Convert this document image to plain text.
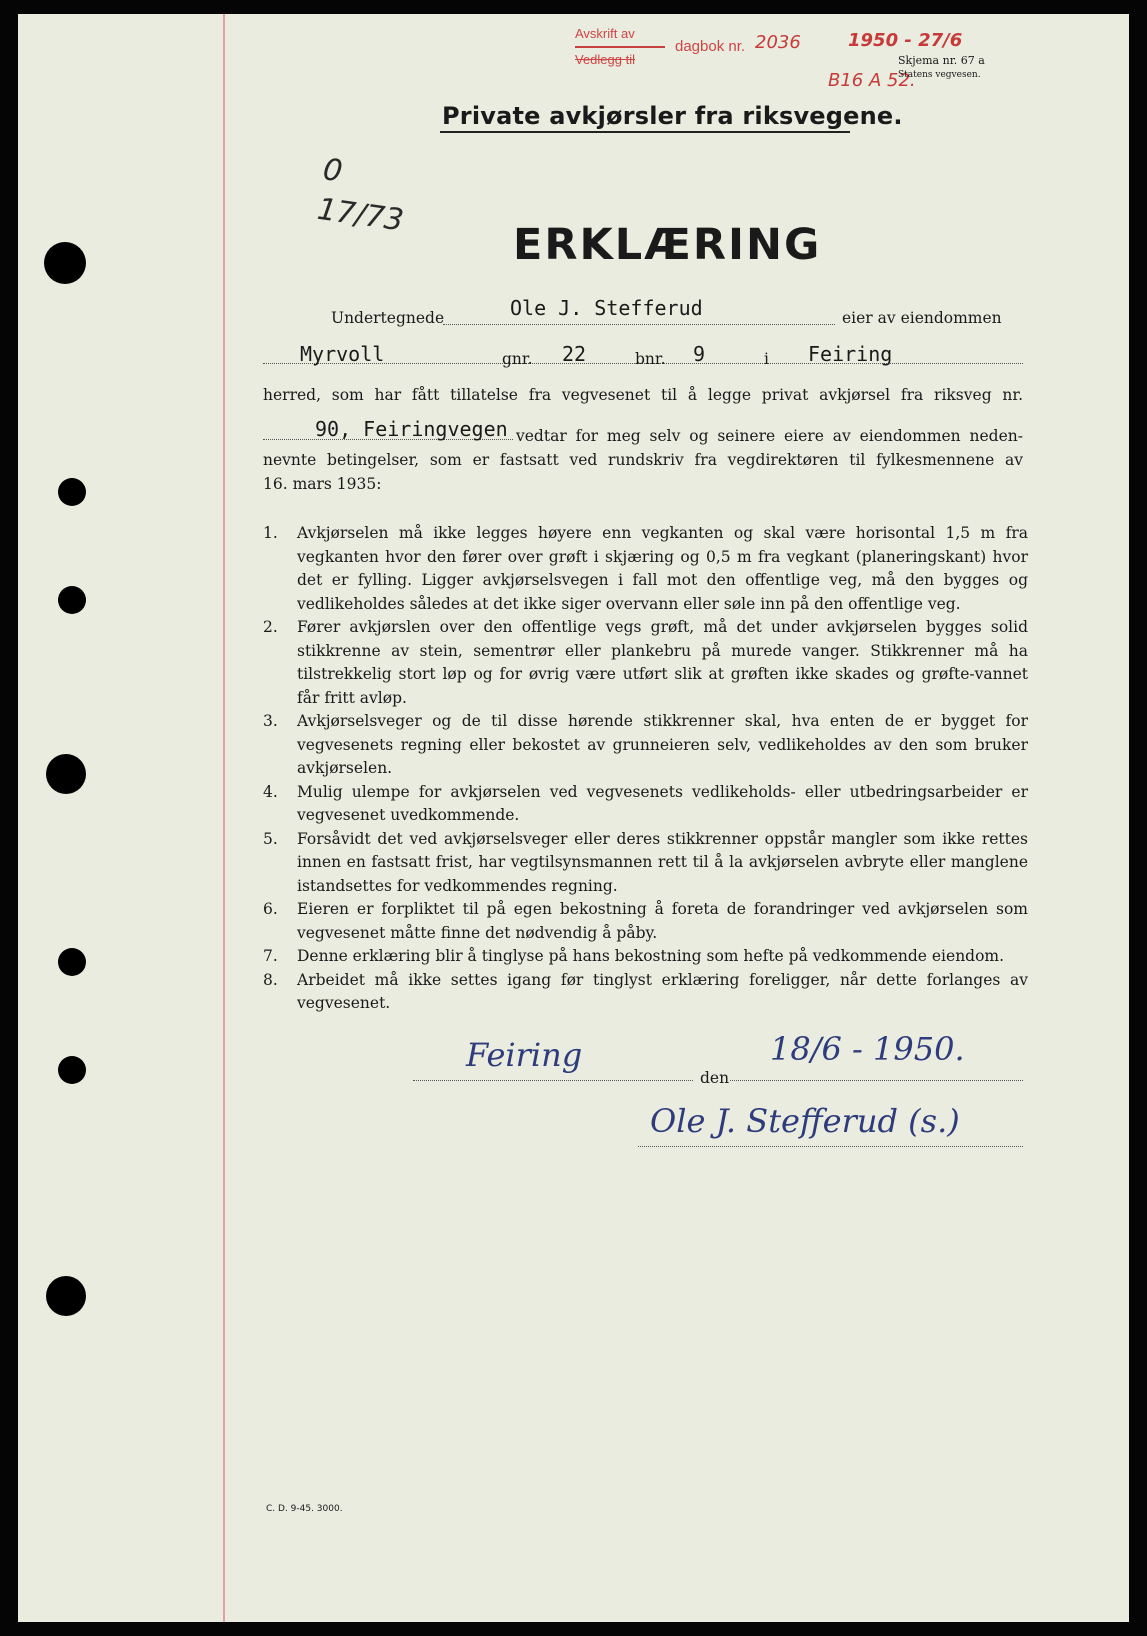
Avskrift av
Vedlegg til
dagbok nr. 2036	1950 - 27/6
B16 A 52.
Skjema nr. 67 a
Statens vegvesen.
Private avkjørsler fra riksvegene.
0 17/73
ERKLÆRING
Undertegnede	Ole J. Stefferud	eier av eiendommen
Myrvoll	gnr. 22	bnr. 9	i Feiring
herred, som har fått tillatelse fra vegvesenet til å legge privat avkjørsel fra riksveg nr.
90, Feiringvegen vedtar for meg selv og seinere eiere av eiendommen neden-
nevnte betingelser, som er fastsatt ved rundskriv fra vegdirektøren til fylkesmennene av
16. mars 1935:
1.	Avkjørselen må ikke legges høyere enn vegkanten og skal være horisontal 1,5 m fra vegkanten hvor den fører over grøft i skjæring og 0,5 m fra vegkant (planeringskant) hvor det er fylling. Ligger avkjørselsvegen i fall mot den offentlige veg, må den bygges og vedlikeholdes således at det ikke siger overvann eller søle inn på den offentlige veg.
2.	Fører avkjørslen over den offentlige vegs grøft, må det under avkjørselen bygges solid stikkrenne av stein, sementrør eller plankebru på murede vanger. Stikkrenner må ha tilstrekkelig stort løp og for øvrig være utført slik at grøften ikke skades og grøfte-vannet får fritt avløp.
3.	Avkjørselsveger og de til disse hørende stikkrenner skal, hva enten de er bygget for vegvesenets regning eller bekostet av grunneieren selv, vedlikeholdes av den som bruker avkjørselen.
4.	Mulig ulempe for avkjørselen ved vegvesenets vedlikeholds- eller utbedringsarbeider er vegvesenet uvedkommende.
5.	Forsåvidt det ved avkjørselsveger eller deres stikkrenner oppstår mangler som ikke rettes innen en fastsatt frist, har vegtilsynsmannen rett til å la avkjørselen avbryte eller manglene istandsettes for vedkommendes regning.
6.	Eieren er forpliktet til på egen bekostning å foreta de forandringer ved avkjørselen som vegvesenet måtte finne det nødvendig å påby.
7.	Denne erklæring blir å tinglyse på hans bekostning som hefte på vedkommende eiendom.
8.	Arbeidet må ikke settes igang før tinglyst erklæring foreligger, når dette forlanges av vegvesenet.
Feiring
den
18/6 - 1950.
Ole J. Stefferud (s.)
C. D. 9-45. 3000.
